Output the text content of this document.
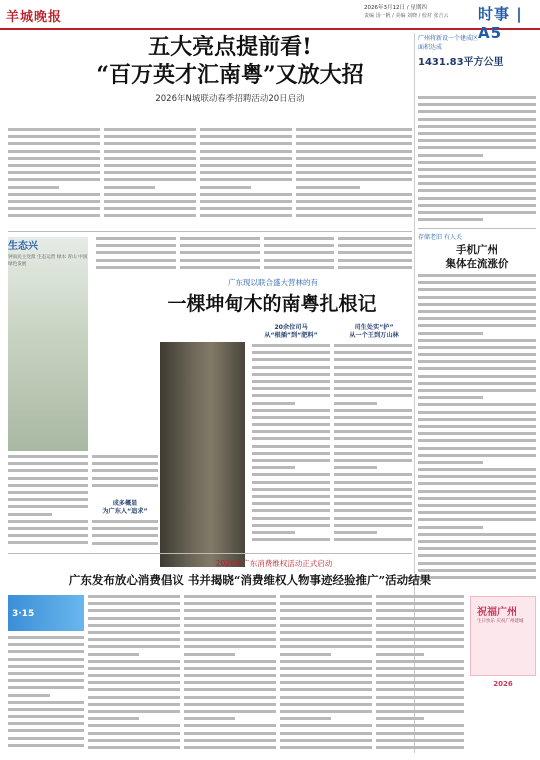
羊城晚报
2026年3月12日 / 星期四
责编 汤一帆 / 美编 刘晓 / 校对 张吉云 时事 | A5
五大亮点提前看!
“百万英才汇南粤”又放大招
2026年N城联动春季招聘活动20日启动
广州将新设一个建成区
面积达成
1431.83平方公里
生态兴
钟南民主党派 生态运营 绿水 青山 中国 绿色发展
广东现以联合盛大营林的有
一棵坤甸木的南粤扎根记
20余位司马
从“根插”到“肥料”
司生处实“护”
从一个王到万山林
成多概显
为广东人“追求”
存储老旧 有人关
手机广州
集体在流涨价
2026年广东消费维权活动正式启动
广东发布放心消费倡议 书并揭晓“消费维权人物事迹经验推广”活动结果
3·15	祝福广州
生日快乐 庆祝广州建城
2026
